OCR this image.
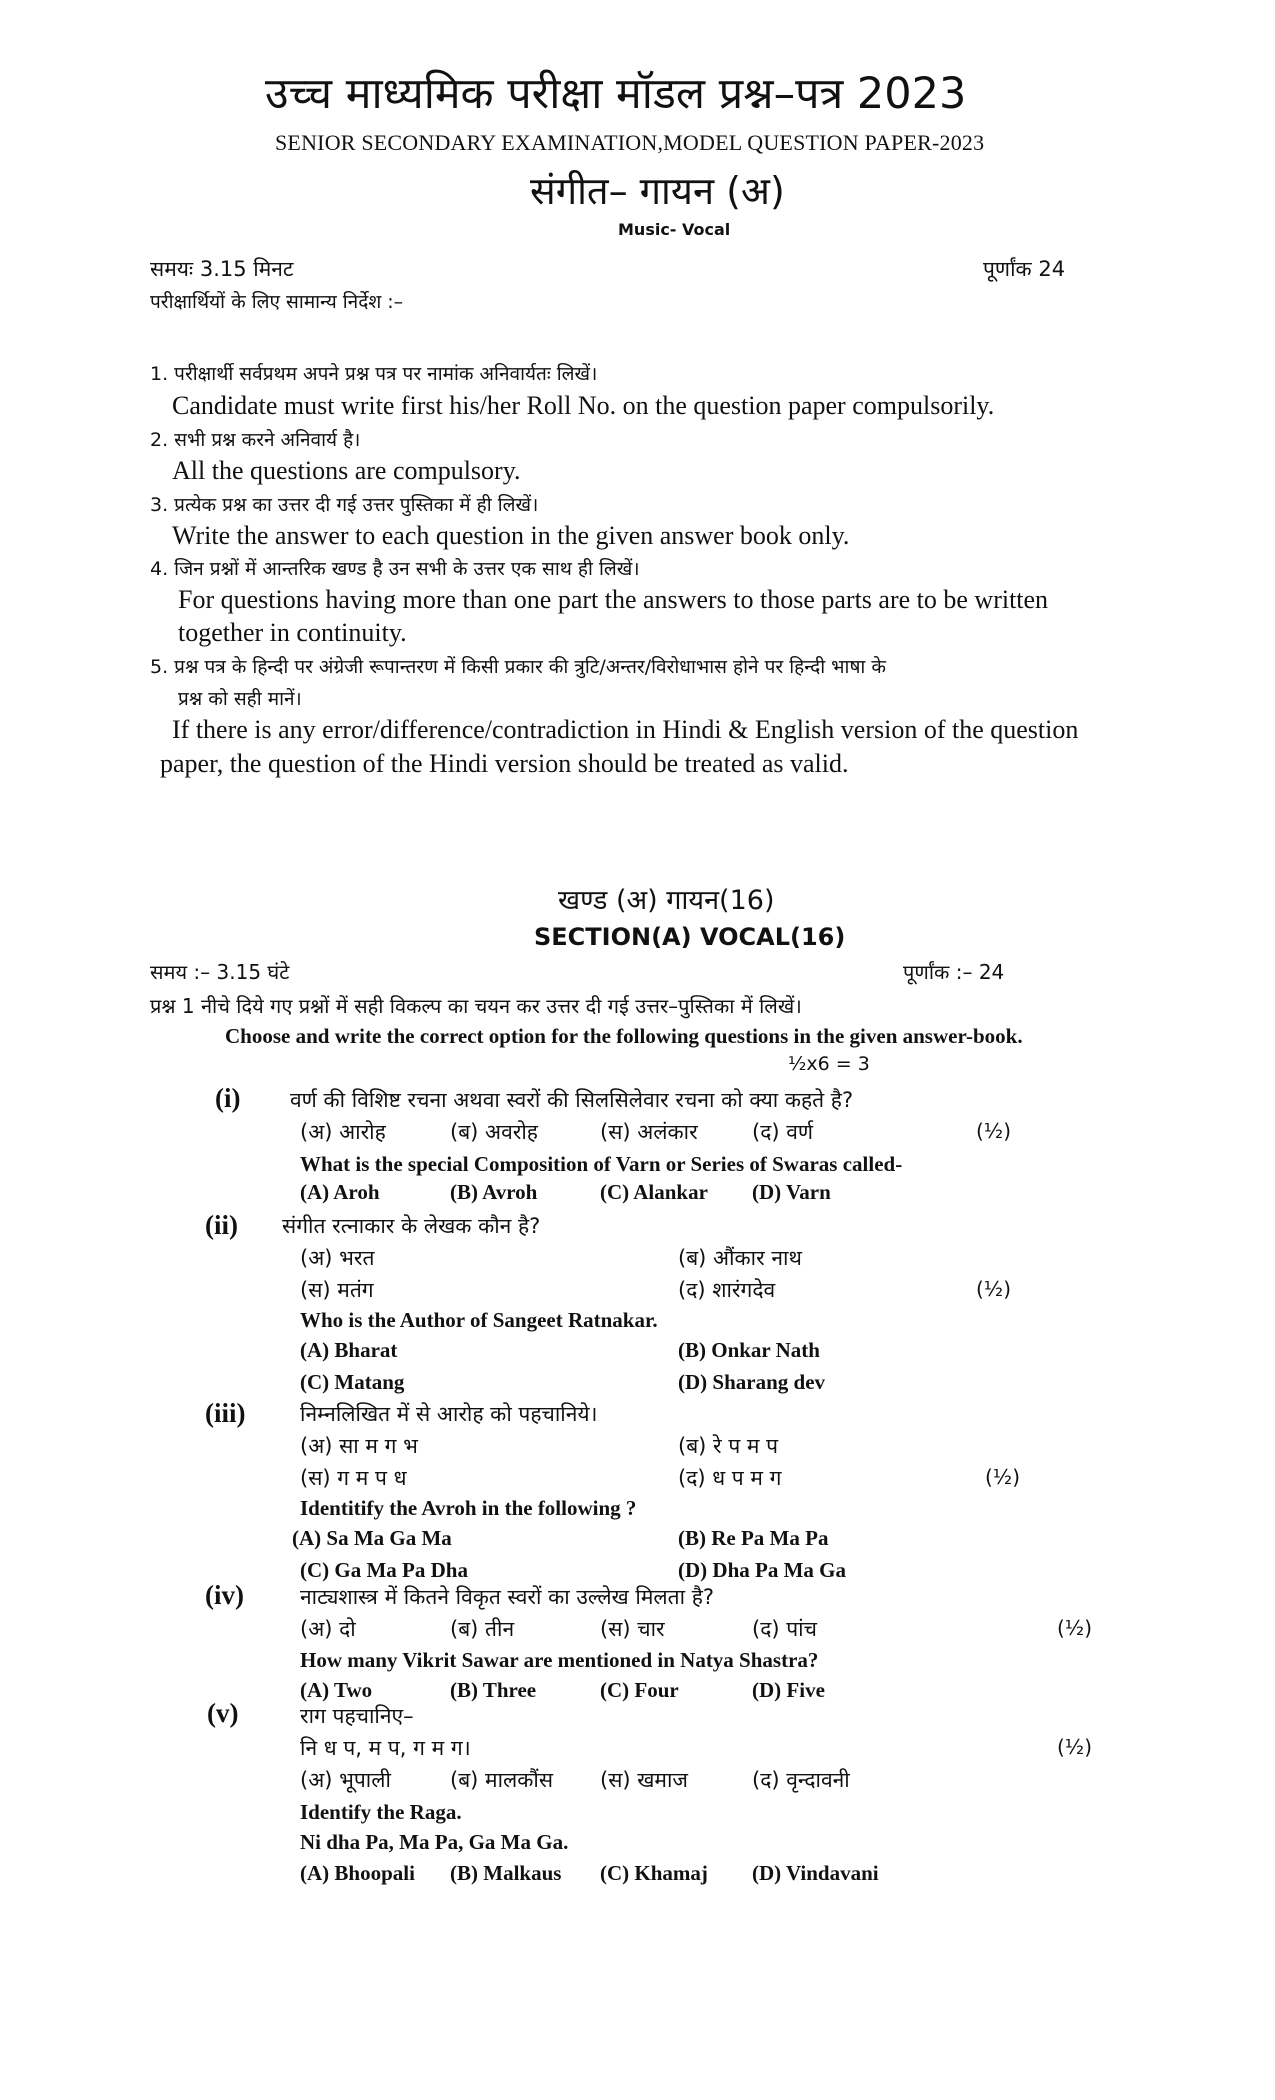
उच्च माध्यमिक परीक्षा मॉडल प्रश्न–पत्र 2023
SENIOR SECONDARY EXAMINATION,MODEL QUESTION PAPER-2023
संगीत– गायन (अ)
Music- Vocal
समयः 3.15 मिनट	पूर्णांक 24
परीक्षार्थियों के लिए सामान्य निर्देश :–
1. परीक्षार्थी सर्वप्रथम अपने प्रश्न पत्र पर नामांक अनिवार्यतः लिखें।
Candidate must write first his/her Roll No. on the question paper compulsorily.
2. सभी प्रश्न करने अनिवार्य है।
All the questions are compulsory.
3. प्रत्येक प्रश्न का उत्तर दी गई उत्तर पुस्तिका में ही लिखें।
Write the answer to each question in the given answer book only.
4. जिन प्रश्नों में आन्तरिक खण्ड है उन सभी के उत्तर एक साथ ही लिखें।
For questions having more than one part the answers to those parts are to be written
together in continuity.
5. प्रश्न पत्र के हिन्दी पर अंग्रेजी रूपान्तरण में किसी प्रकार की त्रुटि/अन्तर/विरोधाभास होने पर हिन्दी भाषा के
प्रश्न को सही मानें।
If there is any error/difference/contradiction in Hindi & English version of the question
paper, the question of the Hindi version should be treated as valid.
खण्ड (अ) गायन(16)
SECTION(A) VOCAL(16)
समय :– 3.15 घंटे	पूर्णांक :– 24
प्रश्न 1 नीचे दिये गए प्रश्नों में सही विकल्प का चयन कर उत्तर दी गई उत्तर–पुस्तिका में लिखें।
Choose and write the correct option for the following questions in the given answer-book.
½x6 = 3
(i) वर्ण की विशिष्ट रचना अथवा स्वरों की सिलसिलेवार रचना को क्या कहते है?
(अ) आरोह	(ब) अवरोह	(स) अलंकार	(द) वर्ण	(½)
What is the special Composition of Varn or Series of Swaras called-
(A) Aroh	(B) Avroh	(C) Alankar (D) Varn
(ii) संगीत रत्नाकार के लेखक कौन है?
(अ) भरत	(ब) औंकार नाथ
(स) मतंग	(द) शारंगदेव	(½)
Who is the Author of Sangeet Ratnakar.
(A) Bharat	(B) Onkar Nath
(C) Matang	(D) Sharang dev
(iii)	निम्नलिखित में से आरोह को पहचानिये।
(अ) सा म ग भ	(ब) रे प म प
(स) ग म प ध	(द) ध प म ग	(½)
Identitify the Avroh in the following ?
(A) Sa Ma Ga Ma	(B) Re Pa Ma Pa
(C) Ga Ma Pa Dha	(D) Dha Pa Ma Ga
(iv)	नाट्यशास्त्र में कितने विकृत स्वरों का उल्लेख मिलता है?
(अ) दो	(ब) तीन	(स) चार	(द) पांच	(½)
How many Vikrit Sawar are mentioned in Natya Shastra?
(A) Two	(B) Three	(C) Four	(D) Five
(v)	राग पहचानिए–
नि ध प, म प, ग म ग।	(½)
(अ) भूपाली	(ब) मालकौंस (स) खमाज	(द) वृन्दावनी
Identify the Raga.
Ni dha Pa, Ma Pa, Ga Ma Ga.
(A) Bhoopali (B) Malkaus (C) Khamaj (D) Vindavani
